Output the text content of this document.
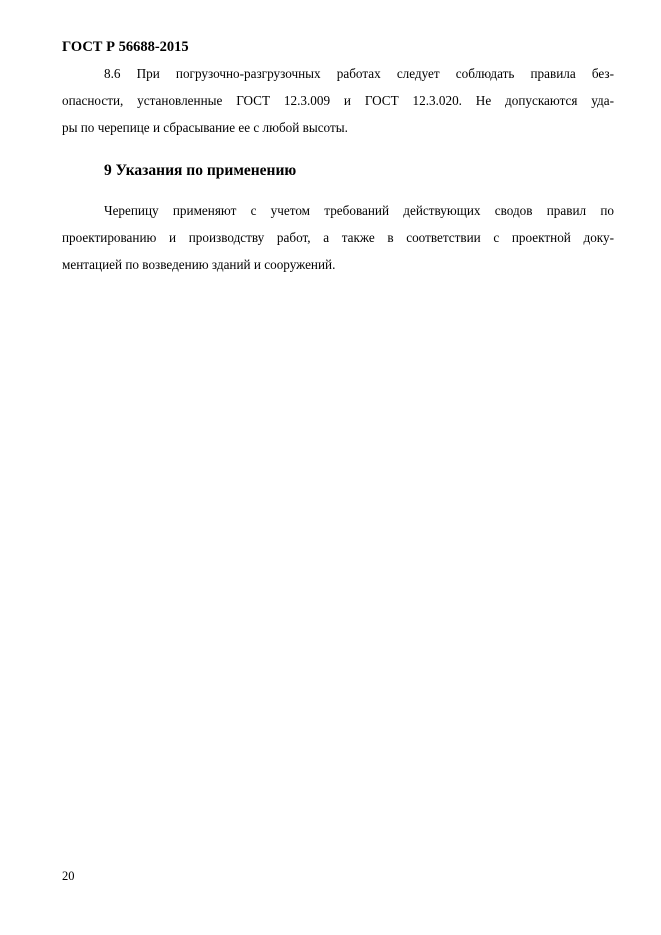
ГОСТ Р 56688-2015
8.6 При погрузочно-разгрузочных работах следует соблюдать правила без-
опасности, установленные ГОСТ 12.3.009 и ГОСТ 12.3.020. Не допускаются уда-
ры по черепице и сбрасывание ее с любой высоты.
9 Указания по применению
Черепицу применяют с учетом требований действующих сводов правил по
проектированию и производству работ, а также в соответствии с проектной доку-
ментацией по возведению зданий и сооружений.
20
